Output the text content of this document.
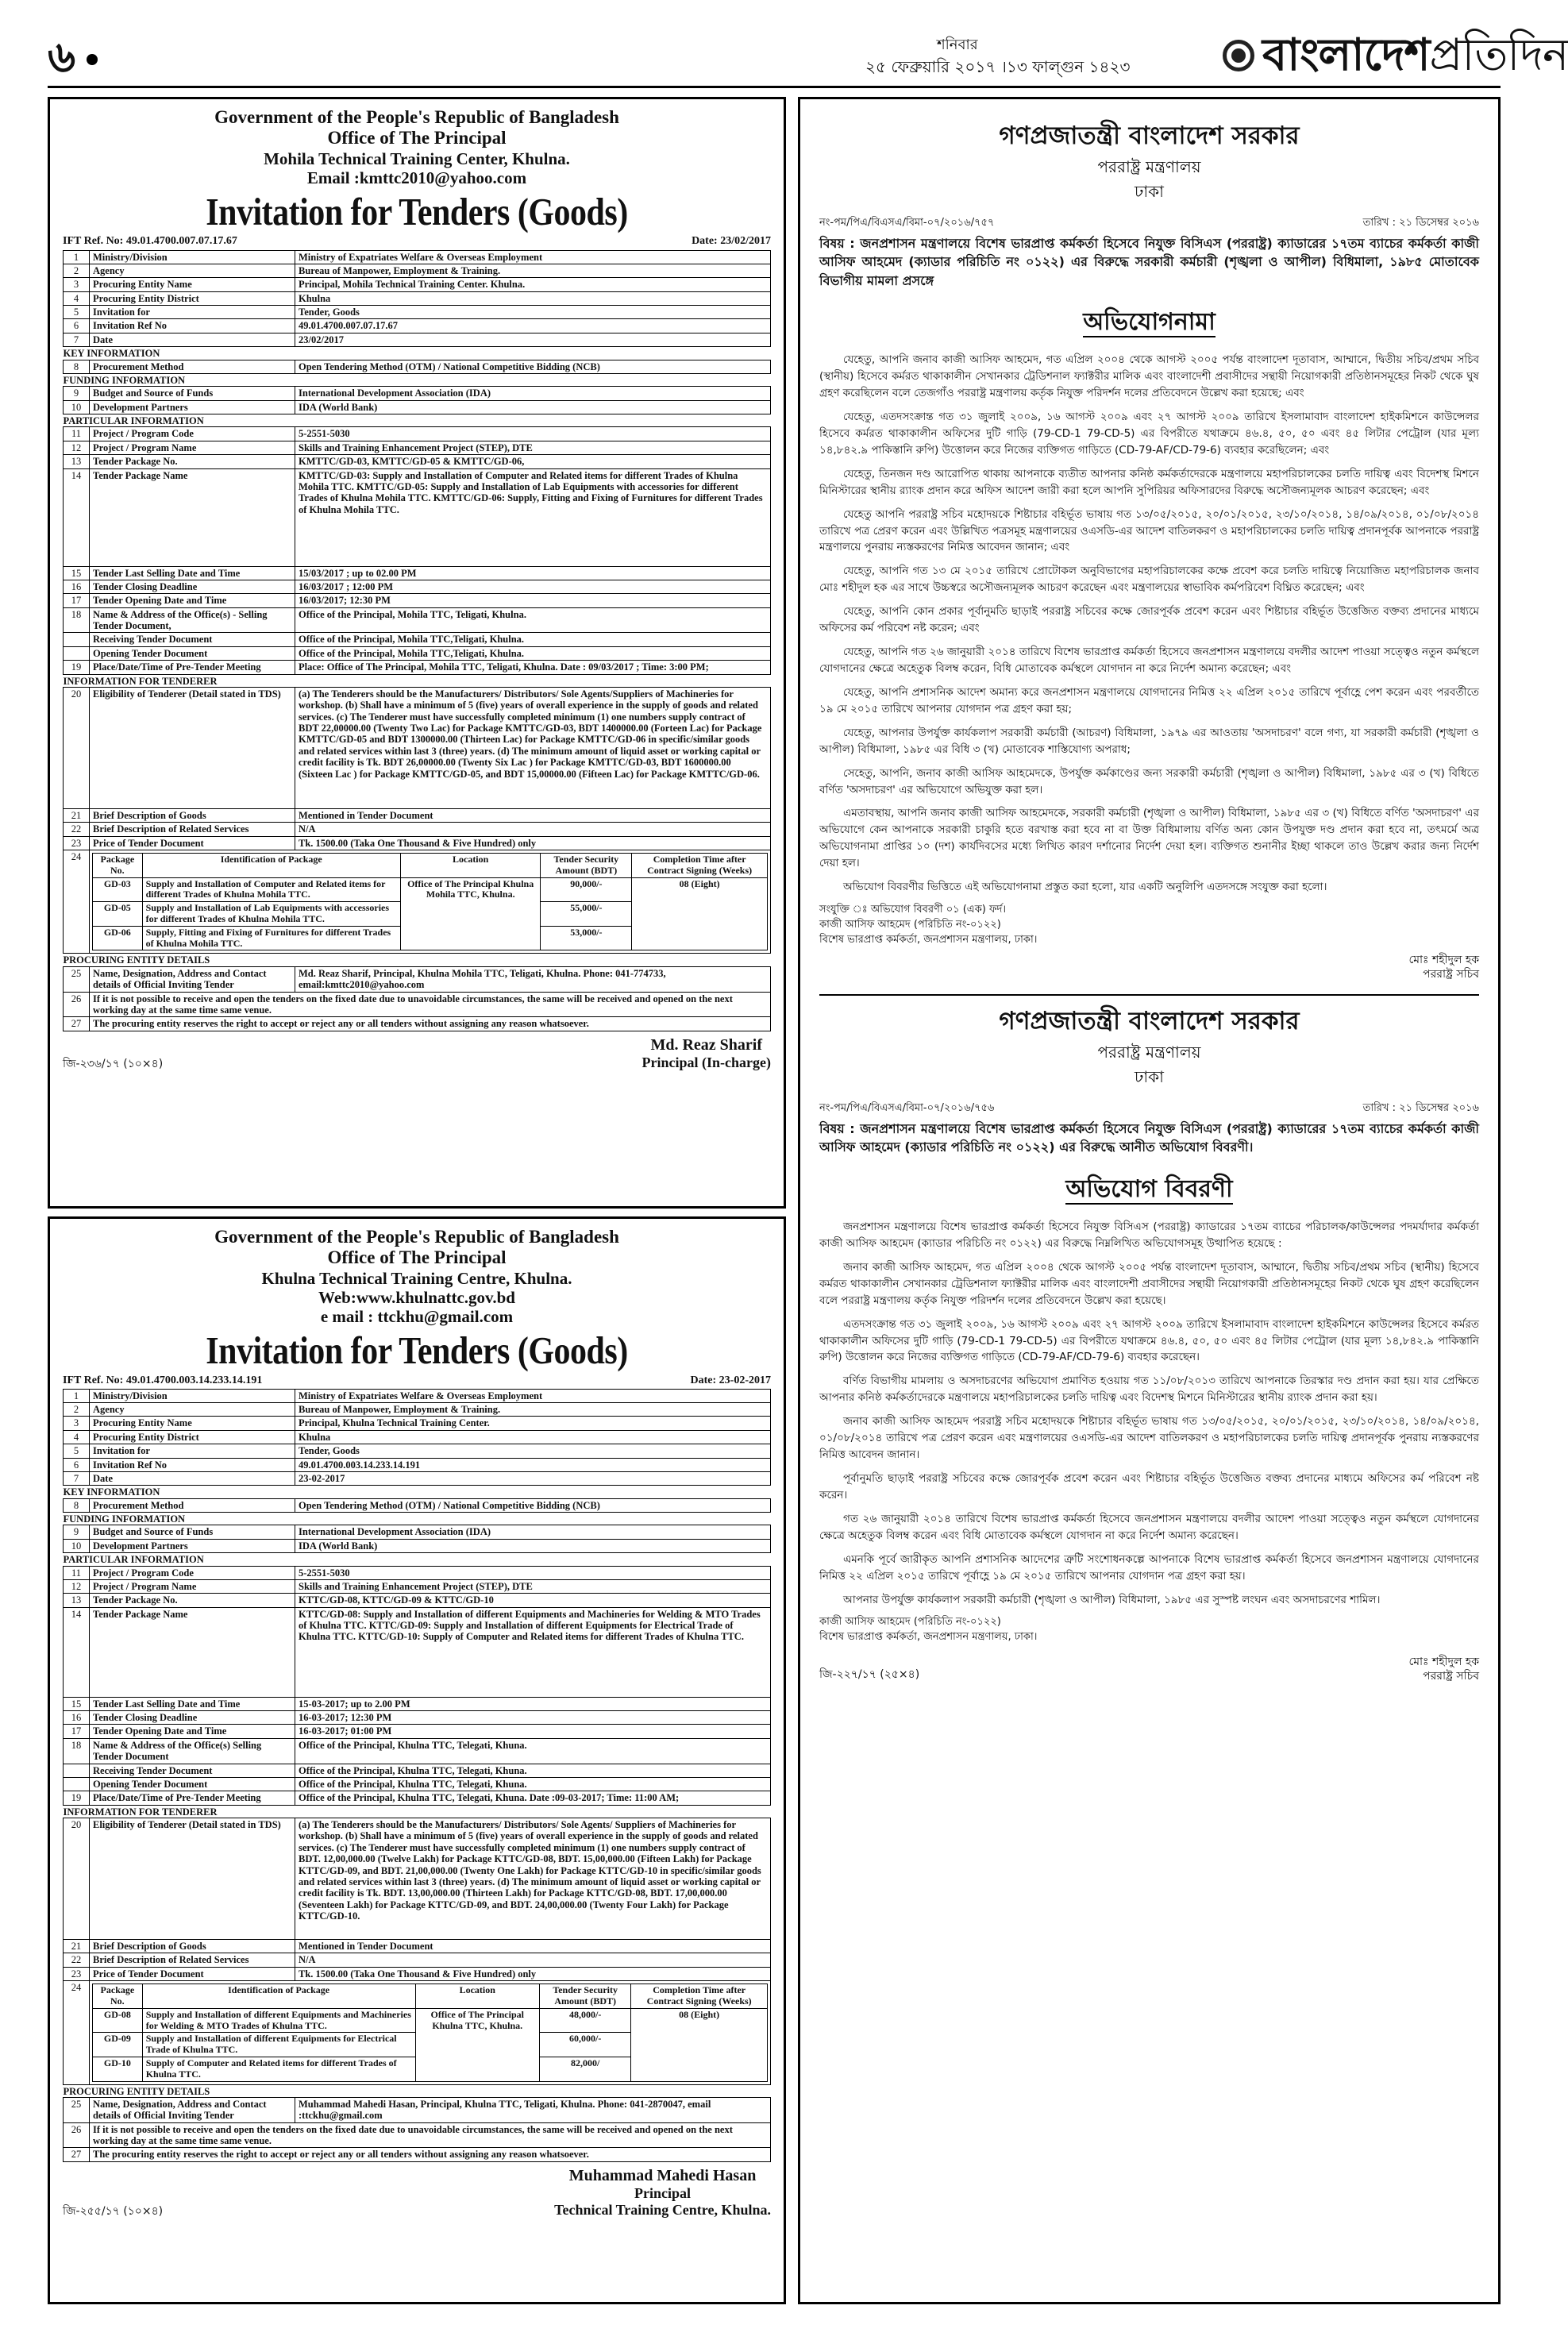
৬	শনিবার
২৫ ফেব্রুয়ারি ২০১৭ ।১৩ ফাল্গুন ১৪২৩	বাংলাদেশপ্রতিদিন
Government of the People's Republic of Bangladesh
Office of The Principal
Mohila Technical Training Center, Khulna.
Email :kmttc2010@yahoo.com
Invitation for Tenders (Goods)
IFT Ref. No: 49.01.4700.007.07.17.67	Date: 23/02/2017
1	Ministry/Division	Ministry of Expatriates Welfare & Overseas Employment
2	Agency	Bureau of Manpower, Employment & Training.
3	Procuring Entity Name	Principal, Mohila Technical Training Center. Khulna.
4	Procuring Entity District	Khulna
5	Invitation for	Tender, Goods
6	Invitation Ref No	49.01.4700.007.07.17.67
7	Date	23/02/2017
KEY INFORMATION
8	Procurement Method	Open Tendering Method (OTM) / National Competitive Bidding (NCB)
FUNDING INFORMATION
9	Budget and Source of Funds	International Development Association (IDA)
10	Development Partners	IDA (World Bank)
PARTICULAR INFORMATION
11	Project / Program Code	5-2551-5030
12	Project / Program Name	Skills and Training Enhancement Project (STEP), DTE
13	Tender Package No.	KMTTC/GD-03, KMTTC/GD-05 & KMTTC/GD-06,
14	Tender Package Name	KMTTC/GD-03: Supply and Installation of Computer and Related items for different Trades of Khulna Mohila TTC. KMTTC/GD-05: Supply and Installation of Lab Equipments with accessories for different Trades of Khulna Mohila TTC. KMTTC/GD-06: Supply, Fitting and Fixing of Furnitures for different Trades of Khulna Mohila TTC.
15	Tender Last Selling Date and Time	15/03/2017 ; up to 02.00 PM
16	Tender Closing Deadline	16/03/2017 ; 12:00 PM
17	Tender Opening Date and Time	16/03/2017; 12:30 PM
18	Name & Address of the Office(s) - Selling Tender Document,	Office of the Principal, Mohila TTC, Teligati, Khulna.
	Receiving Tender Document	Office of the Principal, Mohila TTC,Teligati, Khulna.
	Opening Tender Document	Office of the Principal, Mohila TTC,Teligati, Khulna.
19	Place/Date/Time of Pre-Tender Meeting	Place: Office of The Principal, Mohila TTC, Teligati, Khulna. Date : 09/03/2017 ; Time: 3:00 PM;
INFORMATION FOR TENDERER
20	Eligibility of Tenderer (Detail stated in TDS)	(a) The Tenderers should be the Manufacturers/ Distributors/ Sole Agents/Suppliers of Machineries for workshop. (b) Shall have a minimum of 5 (five) years of overall experience in the supply of goods and related services. (c) The Tenderer must have successfully completed minimum (1) one numbers supply contract of BDT 22,00000.00 (Twenty Two Lac) for Package KMTTC/GD-03, BDT 1400000.00 (Forteen Lac) for Package KMTTC/GD-05 and BDT 1300000.00 (Thirteen Lac) for Package KMTTC/GD-06 in specific/similar goods and related services within last 3 (three) years. (d) The minimum amount of liquid asset or working capital or credit facility is Tk. BDT 26,00000.00 (Twenty Six Lac ) for Package KMTTC/GD-03, BDT 1600000.00 (Sixteen Lac ) for Package KMTTC/GD-05, and BDT 15,00000.00 (Fifteen Lac) for Package KMTTC/GD-06.
21	Brief Description of Goods	Mentioned in Tender Document
22	Brief Description of Related Services	N/A
23	Price of Tender Document	Tk. 1500.00 (Taka One Thousand & Five Hundred) only
24	Package No.	Identification of Package	Location	Tender Security Amount (BDT)	Completion Time after Contract Signing (Weeks)
GD-03	Supply and Installation of Computer and Related items for different Trades of Khulna Mohila TTC.	Office of The Principal Khulna Mohila TTC, Khulna.	90,000/-	08 (Eight)
GD-05	Supply and Installation of Lab Equipments with accessories for different Trades of Khulna Mohila TTC.	55,000/-
GD-06	Supply, Fitting and Fixing of Furnitures for different Trades of Khulna Mohila TTC.	53,000/-

PROCURING ENTITY DETAILS
25	Name, Designation, Address and Contact details of Official Inviting Tender	Md. Reaz Sharif, Principal, Khulna Mohila TTC, Teligati, Khulna. Phone: 041-774733, email:kmttc2010@yahoo.com
26	If it is not possible to receive and open the tenders on the fixed date due to unavoidable circumstances, the same will be received and opened on the next working day at the same time same venue.
27	The procuring entity reserves the right to accept or reject any or all tenders without assigning any reason whatsoever.
জি-২৩৬/১৭ (১০×৪)
Md. Reaz Sharif
Principal (In-charge)
Government of the People's Republic of Bangladesh
Office of The Principal
Khulna Technical Training Centre, Khulna.
Web:www.khulnattc.gov.bd
e mail : ttckhu@gmail.com
Invitation for Tenders (Goods)
IFT Ref. No: 49.01.4700.003.14.233.14.191	Date: 23-02-2017
1	Ministry/Division	Ministry of Expatriates Welfare & Overseas Employment
2	Agency	Bureau of Manpower, Employment & Training.
3	Procuring Entity Name	Principal, Khulna Technical Training Center.
4	Procuring Entity District	Khulna
5	Invitation for	Tender, Goods
6	Invitation Ref No	49.01.4700.003.14.233.14.191
7	Date	23-02-2017
KEY INFORMATION
8	Procurement Method	Open Tendering Method (OTM) / National Competitive Bidding (NCB)
FUNDING INFORMATION
9	Budget and Source of Funds	International Development Association (IDA)
10	Development Partners	IDA (World Bank)
PARTICULAR INFORMATION
11	Project / Program Code	5-2551-5030
12	Project / Program Name	Skills and Training Enhancement Project (STEP), DTE
13	Tender Package No.	KTTC/GD-08, KTTC/GD-09 & KTTC/GD-10
14	Tender Package Name	KTTC/GD-08: Supply and Installation of different Equipments and Machineries for Welding & MTO Trades of Khulna TTC. KTTC/GD-09: Supply and Installation of different Equipments for Electrical Trade of Khulna TTC. KTTC/GD-10: Supply of Computer and Related items for different Trades of Khulna TTC.
15	Tender Last Selling Date and Time	15-03-2017; up to 2.00 PM
16	Tender Closing Deadline	16-03-2017; 12:30 PM
17	Tender Opening Date and Time	16-03-2017; 01:00 PM
18	Name & Address of the Office(s) Selling Tender Document	Office of the Principal, Khulna TTC, Telegati, Khuna.
	Receiving Tender Document	Office of the Principal, Khulna TTC, Telegati, Khuna.
	Opening Tender Document	Office of the Principal, Khulna TTC, Telegati, Khuna.
19	Place/Date/Time of Pre-Tender Meeting	Office of the Principal, Khulna TTC, Telegati, Khuna. Date :09-03-2017; Time: 11:00 AM;
INFORMATION FOR TENDERER
20	Eligibility of Tenderer (Detail stated in TDS)	(a) The Tenderers should be the Manufacturers/ Distributors/ Sole Agents/ Suppliers of Machineries for workshop. (b) Shall have a minimum of 5 (five) years of overall experience in the supply of goods and related services. (c) The Tenderer must have successfully completed minimum (1) one numbers supply contract of BDT. 12,00,000.00 (Twelve Lakh) for Package KTTC/GD-08, BDT. 15,00,000.00 (Fifteen Lakh) for Package KTTC/GD-09, and BDT. 21,00,000.00 (Twenty One Lakh) for Package KTTC/GD-10 in specific/similar goods and related services within last 3 (three) years. (d) The minimum amount of liquid asset or working capital or credit facility is Tk. BDT. 13,00,000.00 (Thirteen Lakh) for Package KTTC/GD-08, BDT. 17,00,000.00 (Seventeen Lakh) for Package KTTC/GD-09, and BDT. 24,00,000.00 (Twenty Four Lakh) for Package KTTC/GD-10.
21	Brief Description of Goods	Mentioned in Tender Document
22	Brief Description of Related Services	N/A
23	Price of Tender Document	Tk. 1500.00 (Taka One Thousand & Five Hundred) only
24	Package No.	Identification of Package	Location	Tender Security Amount (BDT)	Completion Time after Contract Signing (Weeks)
GD-08	Supply and Installation of different Equipments and Machineries for Welding & MTO Trades of Khulna TTC.	Office of The Principal Khulna TTC, Khulna.	48,000/-	08 (Eight)
GD-09	Supply and Installation of different Equipments for Electrical Trade of Khulna TTC.	60,000/-
GD-10	Supply of Computer and Related items for different Trades of Khulna TTC.	82,000/

PROCURING ENTITY DETAILS
25	Name, Designation, Address and Contact details of Official Inviting Tender	Muhammad Mahedi Hasan, Principal, Khulna TTC, Teligati, Khulna. Phone: 041-2870047, email :ttckhu@gmail.com
26	If it is not possible to receive and open the tenders on the fixed date due to unavoidable circumstances, the same will be received and opened on the next working day at the same time same venue.
27	The procuring entity reserves the right to accept or reject any or all tenders without assigning any reason whatsoever.
জি-২৫৫/১৭ (১০×৪)
Muhammad Mahedi Hasan
Principal
Technical Training Centre, Khulna.
গণপ্রজাতন্ত্রী বাংলাদেশ সরকার
পররাষ্ট্র মন্ত্রণালয়
ঢাকা
নং-পম/পিএ/বিএসএ/বিমা-০৭/২০১৬/৭৫৭	তারিখ : ২১ ডিসেম্বর ২০১৬
বিষয় : জনপ্রশাসন মন্ত্রণালয়ে বিশেষ ভারপ্রাপ্ত কর্মকর্তা হিসেবে নিযুক্ত বিসিএস (পররাষ্ট্র) ক্যাডারের ১৭তম ব্যাচের কর্মকর্তা কাজী আসিফ আহমেদ (ক্যাডার পরিচিতি নং ০১২২) এর বিরুদ্ধে সরকারী কর্মচারী (শৃঙ্খলা ও আপীল) বিধিমালা, ১৯৮৫ মোতাবেক বিভাগীয় মামলা প্রসঙ্গে
অভিযোগনামা

যেহেতু, আপনি জনাব কাজী আসিফ আহমেদ, গত এপ্রিল ২০০৪ থেকে আগস্ট ২০০৫ পর্যন্ত বাংলাদেশ দূতাবাস, আম্মানে, দ্বিতীয় সচিব/প্রথম সচিব (স্থানীয়) হিসেবে কর্মরত থাকাকালীন সেখানকার ট্রেডিশনাল ফ্যাক্টরীর মালিক এবং বাংলাদেশী প্রবাসীদের সন্থায়ী নিয়োগকারী প্রতিষ্ঠানসমূহের নিকট থেকে ঘুষ গ্রহণ করেছিলেন বলে তেজগাঁও পররাষ্ট্র মন্ত্রণালয় কর্তৃক নিযুক্ত পরিদর্শন দলের প্রতিবেদনে উল্লেখ করা হয়েছে; এবং

যেহেতু, এতদসংক্রান্ত গত ৩১ জুলাই ২০০৯, ১৬ আগস্ট ২০০৯ এবং ২৭ আগস্ট ২০০৯ তারিখে ইসলামাবাদ বাংলাদেশ হাইকমিশনে কাউন্সেলর হিসেবে কর্মরত থাকাকালীন অফিসের দুটি গাড়ি (79-CD-1 79-CD-5) এর বিপরীতে যথাক্রমে ৪৬.৪, ৫০, ৫০ এবং ৪৫ লিটার পেট্রোল (যার মূল্য ১৪,৮৪২.৯ পাকিস্তানি রুপি) উত্তোলন করে নিজের ব্যক্তিগত গাড়িতে (CD-79-AF/CD-79-6) ব্যবহার করেছিলেন; এবং

যেহেতু, তিনজন দণ্ড আরোপিত থাকায় আপনাকে ব্যতীত আপনার কনিষ্ঠ কর্মকর্তাদেরকে মন্ত্রণালয়ে মহাপরিচালকের চলতি দায়িত্ব এবং বিদেশস্থ মিশনে মিনিস্টারের স্থানীয় র‍্যাংক প্রদান করে অফিস আদেশ জারী করা হলে আপনি সুপিরিয়র অফিসারদের বিরুদ্ধে অসৌজন্যমূলক আচরণ করেছেন; এবং

যেহেতু আপনি পররাষ্ট্র সচিব মহোদয়কে শিষ্টাচার বহির্ভূত ভাষায় গত ১৩/০৫/২০১৫, ২০/০১/২০১৫, ২৩/১০/২০১৪, ১৪/০৯/২০১৪, ০১/০৮/২০১৪ তারিখে পত্র প্রেরণ করেন এবং উল্লিখিত পত্রসমূহ মন্ত্রণালয়ের ওএসডি-এর আদেশ বাতিলকরণ ও মহাপরিচালকের চলতি দায়িত্ব প্রদানপূর্বক আপনাকে পররাষ্ট্র মন্ত্রণালয়ে পুনরায় ন্যস্তকরণের নিমিত্ত আবেদন জানান; এবং

যেহেতু, আপনি গত ১৩ মে ২০১৫ তারিখে প্রোটোকল অনুবিভাগের মহাপরিচালকের কক্ষে প্রবেশ করে চলতি দায়িত্বে নিয়োজিত মহাপরিচালক জনাব মোঃ শহীদুল হক এর সাথে উচ্চস্বরে অসৌজন্যমূলক আচরণ করেছেন এবং মন্ত্রণালয়ের স্বাভাবিক কর্মপরিবেশ বিঘ্নিত করেছেন; এবং

যেহেতু, আপনি কোন প্রকার পূর্বানুমতি ছাড়াই পররাষ্ট্র সচিবের কক্ষে জোরপূর্বক প্রবেশ করেন এবং শিষ্টাচার বহির্ভূত উত্তেজিত বক্তব্য প্রদানের মাধ্যমে অফিসের কর্ম পরিবেশ নষ্ট করেন; এবং

যেহেতু, আপনি গত ২৬ জানুয়ারী ২০১৪ তারিখে বিশেষ ভারপ্রাপ্ত কর্মকর্তা হিসেবে জনপ্রশাসন মন্ত্রণালয়ে বদলীর আদেশ পাওয়া সত্ত্বেও নতুন কর্মস্থলে যোগদানের ক্ষেত্রে অহেতুক বিলম্ব করেন, বিধি মোতাবেক কর্মস্থলে যোগদান না করে নির্দেশ অমান্য করেছেন; এবং

যেহেতু, আপনি প্রশাসনিক আদেশ অমান্য করে জনপ্রশাসন মন্ত্রণালয়ে যোগদানের নিমিত্ত ২২ এপ্রিল ২০১৫ তারিখে পূর্বাহ্ণে পেশ করেন এবং পরবর্তীতে ১৯ মে ২০১৫ তারিখে আপনার যোগদান পত্র গ্রহণ করা হয়;

যেহেতু, আপনার উপর্যুক্ত কার্যকলাপ সরকারী কর্মচারী (আচরণ) বিধিমালা, ১৯৭৯ এর আওতায় 'অসদাচরণ' বলে গণ্য, যা সরকারী কর্মচারী (শৃঙ্খলা ও আপীল) বিধিমালা, ১৯৮৫ এর বিধি ৩ (খ) মোতাবেক শাস্তিযোগ্য অপরাধ;

সেহেতু, আপনি, জনাব কাজী আসিফ আহমেদকে, উপর্যুক্ত কর্মকাণ্ডের জন্য সরকারী কর্মচারী (শৃঙ্খলা ও আপীল) বিধিমালা, ১৯৮৫ এর ৩ (খ) বিধিতে বর্ণিত 'অসদাচরণ' এর অভিযোগে অভিযুক্ত করা হল।

এমতাবস্থায়, আপনি জনাব কাজী আসিফ আহমেদকে, সরকারী কর্মচারী (শৃঙ্খলা ও আপীল) বিধিমালা, ১৯৮৫ এর ৩ (খ) বিধিতে বর্ণিত 'অসদাচরণ' এর অভিযোগে কেন আপনাকে সরকারী চাকুরি হতে বরখাস্ত করা হবে না বা উক্ত বিধিমালায় বর্ণিত অন্য কোন উপযুক্ত দণ্ড প্রদান করা হবে না, তৎমর্মে অত্র অভিযোগনামা প্রাপ্তির ১০ (দশ) কার্যদিবসের মধ্যে লিখিত কারণ দর্শানোর নির্দেশ দেয়া হল। ব্যক্তিগত শুনানীর ইচ্ছা থাকলে তাও উল্লেখ করার জন্য নির্দেশ দেয়া হল।

অভিযোগ বিবরণীর ভিত্তিতে এই অভিযোগনামা প্রস্তুত করা হলো, যার একটি অনুলিপি এতদসঙ্গে সংযুক্ত করা হলো।

সংযুক্তি ঃ অভিযোগ বিবরণী ০১ (এক) ফর্দ।
কাজী আসিফ আহমেদ (পরিচিতি নং-০১২২)
বিশেষ ভারপ্রাপ্ত কর্মকর্তা, জনপ্রশাসন মন্ত্রণালয়, ঢাকা।
মোঃ শহীদুল হক
পররাষ্ট্র সচিব
গণপ্রজাতন্ত্রী বাংলাদেশ সরকার
পররাষ্ট্র মন্ত্রণালয়
ঢাকা
নং-পম/পিএ/বিএসএ/বিমা-০৭/২০১৬/৭৫৬	তারিখ : ২১ ডিসেম্বর ২০১৬
বিষয় : জনপ্রশাসন মন্ত্রণালয়ে বিশেষ ভারপ্রাপ্ত কর্মকর্তা হিসেবে নিযুক্ত বিসিএস (পররাষ্ট্র) ক্যাডারের ১৭তম ব্যাচের কর্মকর্তা কাজী আসিফ আহমেদ (ক্যাডার পরিচিতি নং ০১২২) এর বিরুদ্ধে আনীত অভিযোগ বিবরণী।
অভিযোগ বিবরণী

জনপ্রশাসন মন্ত্রণালয়ে বিশেষ ভারপ্রাপ্ত কর্মকর্তা হিসেবে নিযুক্ত বিসিএস (পররাষ্ট্র) ক্যাডারের ১৭তম ব্যাচের পরিচালক/কাউন্সেলর পদমর্যাদার কর্মকর্তা কাজী আসিফ আহমেদ (ক্যাডার পরিচিতি নং ০১২২) এর বিরুদ্ধে নিম্নলিখিত অভিযোগসমূহ উত্থাপিত হয়েছে :

জনাব কাজী আসিফ আহমেদ, গত এপ্রিল ২০০৪ থেকে আগস্ট ২০০৫ পর্যন্ত বাংলাদেশ দূতাবাস, আম্মানে, দ্বিতীয় সচিব/প্রথম সচিব (স্থানীয়) হিসেবে কর্মরত থাকাকালীন সেখানকার ট্রেডিশনাল ফ্যাক্টরীর মালিক এবং বাংলাদেশী প্রবাসীদের সন্থায়ী নিয়োগকারী প্রতিষ্ঠানসমূহের নিকট থেকে ঘুষ গ্রহণ করেছিলেন বলে পররাষ্ট্র মন্ত্রণালয় কর্তৃক নিযুক্ত পরিদর্শন দলের প্রতিবেদনে উল্লেখ করা হয়েছে।

এতদসংক্রান্ত গত ৩১ জুলাই ২০০৯, ১৬ আগস্ট ২০০৯ এবং ২৭ আগস্ট ২০০৯ তারিখে ইসলামাবাদ বাংলাদেশ হাইকমিশনে কাউন্সেলর হিসেবে কর্মরত থাকাকালীন অফিসের দুটি গাড়ি (79-CD-1 79-CD-5) এর বিপরীতে যথাক্রমে ৪৬.৪, ৫০, ৫০ এবং ৪৫ লিটার পেট্রোল (যার মূল্য ১৪,৮৪২.৯ পাকিস্তানি রুপি) উত্তোলন করে নিজের ব্যক্তিগত গাড়িতে (CD-79-AF/CD-79-6) ব্যবহার করেছেন।

বর্ণিত বিভাগীয় মামলায় ও অসদাচরণের অভিযোগ প্রমাণিত হওয়ায় গত ১১/০৮/২০১৩ তারিখে আপনাকে তিরস্কার দণ্ড প্রদান করা হয়। যার প্রেক্ষিতে আপনার কনিষ্ঠ কর্মকর্তাদেরকে মন্ত্রণালয়ে মহাপরিচালকের চলতি দায়িত্ব এবং বিদেশস্থ মিশনে মিনিস্টারের স্থানীয় র‍্যাংক প্রদান করা হয়।

জনাব কাজী আসিফ আহমেদ পররাষ্ট্র সচিব মহোদয়কে শিষ্টাচার বহির্ভূত ভাষায় গত ১৩/০৫/২০১৫, ২০/০১/২০১৫, ২৩/১০/২০১৪, ১৪/০৯/২০১৪, ০১/০৮/২০১৪ তারিখে পত্র প্রেরণ করেন এবং মন্ত্রণালয়ের ওএসডি-এর আদেশ বাতিলকরণ ও মহাপরিচালকের চলতি দায়িত্ব প্রদানপূর্বক পুনরায় ন্যস্তকরণের নিমিত্ত আবেদন জানান।

পূর্বানুমতি ছাড়াই পররাষ্ট্র সচিবের কক্ষে জোরপূর্বক প্রবেশ করেন এবং শিষ্টাচার বহির্ভূত উত্তেজিত বক্তব্য প্রদানের মাধ্যমে অফিসের কর্ম পরিবেশ নষ্ট করেন।

গত ২৬ জানুয়ারী ২০১৪ তারিখে বিশেষ ভারপ্রাপ্ত কর্মকর্তা হিসেবে জনপ্রশাসন মন্ত্রণালয়ে বদলীর আদেশ পাওয়া সত্ত্বেও নতুন কর্মস্থলে যোগদানের ক্ষেত্রে অহেতুক বিলম্ব করেন এবং বিধি মোতাবেক কর্মস্থলে যোগদান না করে নির্দেশ অমান্য করেছেন।

এমনকি পূর্বে জারীকৃত আপনি প্রশাসনিক আদেশের ত্রুটি সংশোধনকল্পে আপনাকে বিশেষ ভারপ্রাপ্ত কর্মকর্তা হিসেবে জনপ্রশাসন মন্ত্রণালয়ে যোগদানের নিমিত্ত ২২ এপ্রিল ২০১৫ তারিখে পূর্বাহ্ণে ১৯ মে ২০১৫ তারিখে আপনার যোগদান পত্র গ্রহণ করা হয়।

আপনার উপর্যুক্ত কার্যকলাপ সরকারী কর্মচারী (শৃঙ্খলা ও আপীল) বিধিমালা, ১৯৮৫ এর সুস্পষ্ট লংঘন এবং অসদাচরণের শামিল।

কাজী আসিফ আহমেদ (পরিচিতি নং-০১২২)
বিশেষ ভারপ্রাপ্ত কর্মকর্তা, জনপ্রশাসন মন্ত্রণালয়, ঢাকা।
জি-২২৭/১৭ (২৫×৪)
মোঃ শহীদুল হক
পররাষ্ট্র সচিব
